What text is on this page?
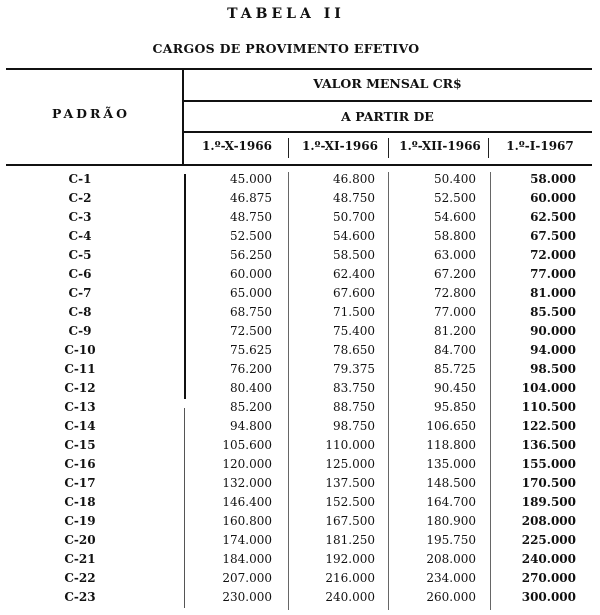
TABELA II
CARGOS DE PROVIMENTO EFETIVO
PADRÃO
VALOR MENSAL CR$
A PARTIR DE
1.º-X-1966	1.º-XI-1966	1.º-XII-1966	1.º-I-1967
C-1	45.000	46.800	50.400	58.000
C-2	46.875	48.750	52.500	60.000
C-3	48.750	50.700	54.600	62.500
C-4	52.500	54.600	58.800	67.500
C-5	56.250	58.500	63.000	72.000
C-6	60.000	62.400	67.200	77.000
C-7	65.000	67.600	72.800	81.000
C-8	68.750	71.500	77.000	85.500
C-9	72.500	75.400	81.200	90.000
C-10	75.625	78.650	84.700	94.000
C-11	76.200	79.375	85.725	98.500
C-12	80.400	83.750	90.450	104.000
C-13	85.200	88.750	95.850	110.500
C-14	94.800	98.750	106.650	122.500
C-15	105.600	110.000	118.800	136.500
C-16	120.000	125.000	135.000	155.000
C-17	132.000	137.500	148.500	170.500
C-18	146.400	152.500	164.700	189.500
C-19	160.800	167.500	180.900	208.000
C-20	174.000	181.250	195.750	225.000
C-21	184.000	192.000	208.000	240.000
C-22	207.000	216.000	234.000	270.000
C-23	230.000	240.000	260.000	300.000
